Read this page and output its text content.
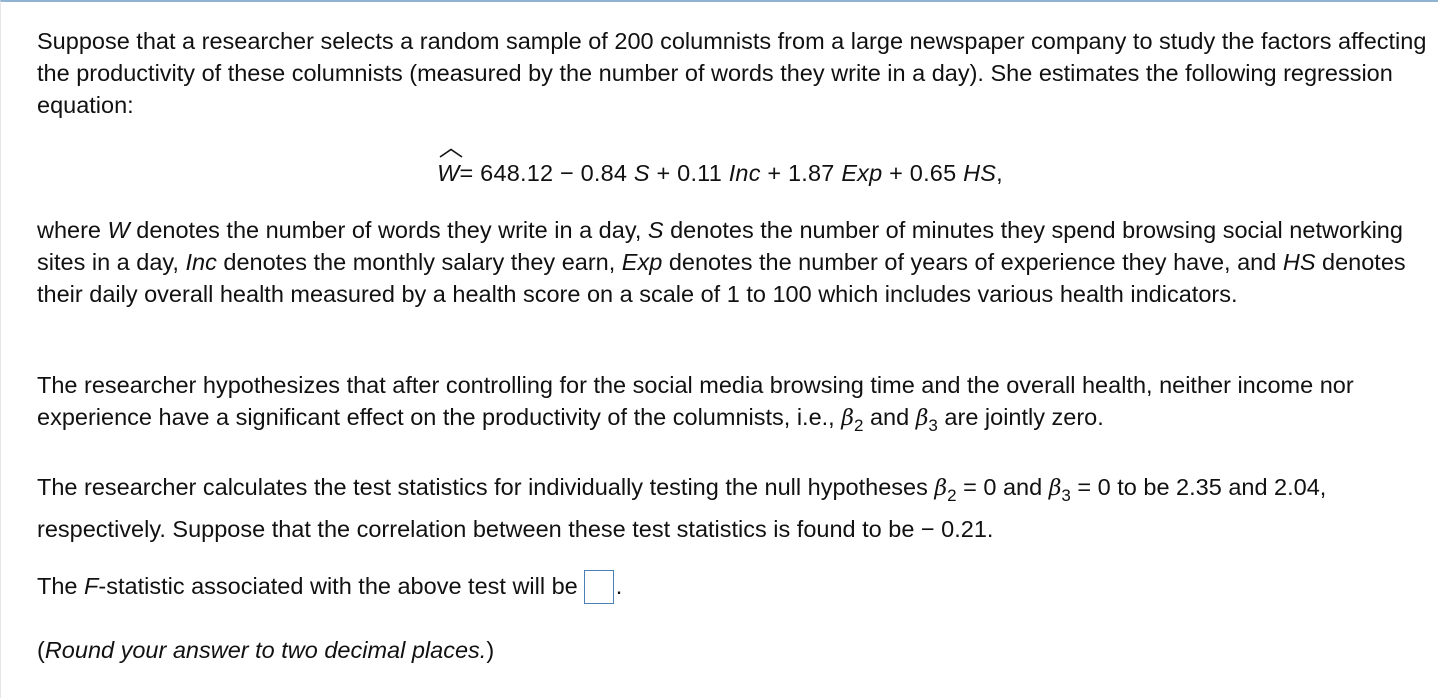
Suppose that a researcher selects a random sample of 200 columnists from a large newspaper company to study the factors affecting the productivity of these columnists (measured by the number of words they write in a day). She estimates the following regression equation:

W= 648.12 − 0.84 S + 0.11 Inc + 1.87 Exp + 0.65 HS,

where W denotes the number of words they write in a day, S denotes the number of minutes they spend browsing social networking sites in a day, Inc denotes the monthly salary they earn, Exp denotes the number of years of experience they have, and HS denotes their daily overall health measured by a health score on a scale of 1 to 100 which includes various health indicators.

The researcher hypothesizes that after controlling for the social media browsing time and the overall health, neither income nor experience have a significant effect on the productivity of the columnists, i.e., $\beta_2$ and $\beta_3$ are jointly zero.

The researcher calculates the test statistics for individually testing the null hypotheses $\beta_2 = 0$ and $\beta_3 = 0$ to be 2.35 and 2.04, respectively. Suppose that the correlation between these test statistics is found to be − 0.21.

The F-statistic associated with the above test will be .

(Round your answer to two decimal places.)
